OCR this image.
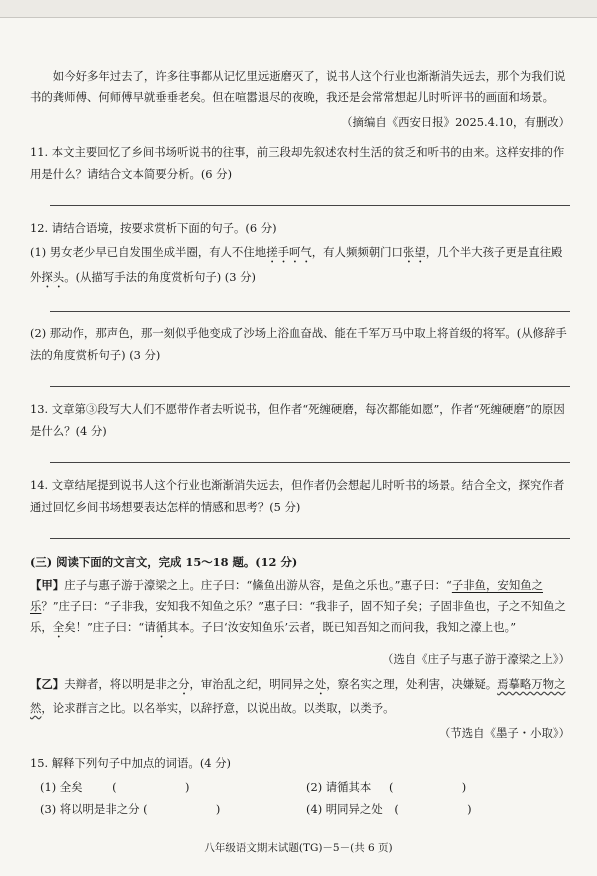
如今好多年过去了，许多往事都从记忆里远逝磨灭了，说书人这个行业也渐渐消失远去，那个为我们说书的龚师傅、何师傅早就垂垂老矣。但在喧嚣退尽的夜晚，我还是会常常想起儿时听评书的画面和场景。

（摘编自《西安日报》2025.4.10，有删改）

11. 本文主要回忆了乡间书场听说书的往事，前三段却先叙述农村生活的贫乏和听书的由来。这样安排的作用是什么？请结合文本简要分析。(6 分)

12. 请结合语境，按要求赏析下面的句子。(6 分)

(1) 男女老少早已自发围坐成半圈，有人不住地搓手呵气，有人频频朝门口张望，几个半大孩子更是直往殿外探头。(从描写手法的角度赏析句子) (3 分)

(2) 那动作，那声色，那一刻似乎他变成了沙场上浴血奋战、能在千军万马中取上将首级的将军。(从修辞手法的角度赏析句子) (3 分)

13. 文章第③段写大人们不愿带作者去听说书，但作者“死缠硬磨，每次都能如愿”，作者“死缠硬磨”的原因是什么？(4 分)

14. 文章结尾提到说书人这个行业也渐渐消失远去，但作者仍会想起儿时听书的场景。结合全文，探究作者通过回忆乡间书场想要表达怎样的情感和思考？(5 分)

(三) 阅读下面的文言文，完成 15～18 题。(12 分)

【甲】庄子与惠子游于濠梁之上。庄子曰：“鯈鱼出游从容，是鱼之乐也。”惠子曰：“子非鱼，安知鱼之乐？”庄子曰：“子非我，安知我不知鱼之乐？”惠子曰：“我非子，固不知子矣；子固非鱼也，子之不知鱼之乐，全矣！”庄子曰：“请循其本。子曰‘汝安知鱼乐’云者，既已知吾知之而问我，我知之濠上也。”

（选自《庄子与惠子游于濠梁之上》）

【乙】夫辩者，将以明是非之分，审治乱之纪，明同异之处，察名实之理，处利害，决嫌疑。焉摹略万物之然，论求群言之比。以名举实，以辞抒意，以说出故。以类取，以类予。

（节选自《墨子・小取》）

15. 解释下列句子中加点的词语。(4 分)

(1) 全矣	(　　　　　　)	(2) 请循其本 (　　　　　　)
(3) 将以明是非之分 (　　　　　　)	(4) 明同异之处 (　　　　　　)
八年级语文期末试题(TG)－5－(共 6 页)
